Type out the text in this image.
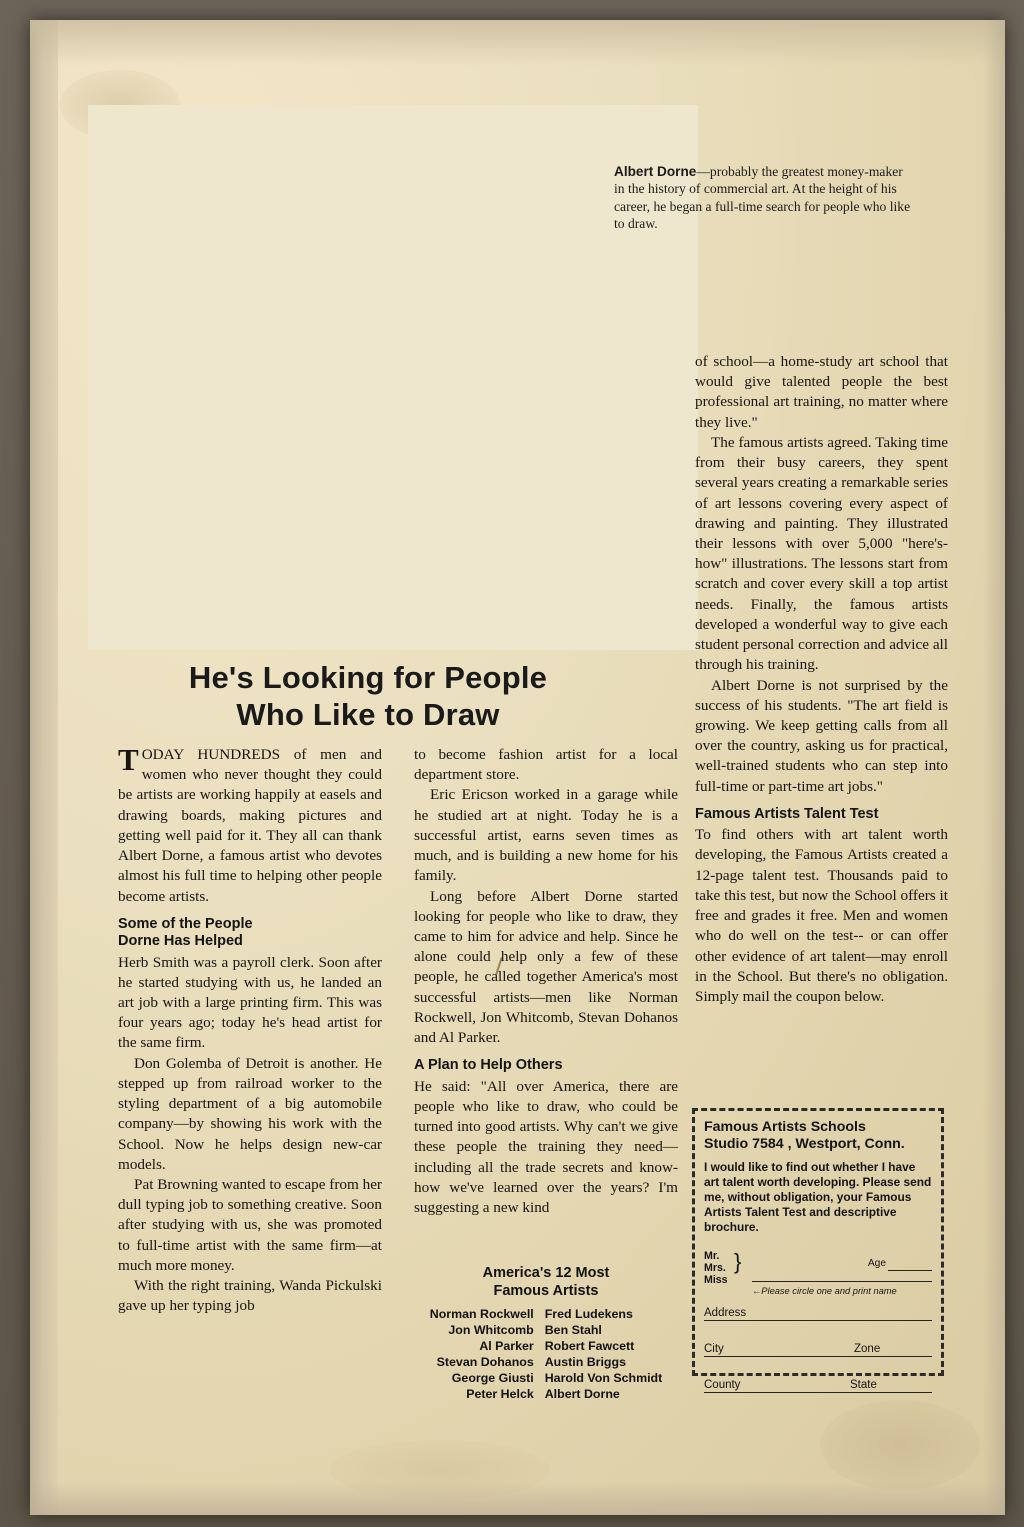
Albert Dorne—probably the greatest money-maker in the history of commercial art. At the height of his career, he began a full-time search for people who like to draw.
He's Looking for People
Who Like to Draw

TODAY HUNDREDS of men and women who never thought they could be artists are working happily at easels and drawing boards, making pictures and getting well paid for it. They all can thank Albert Dorne, a famous artist who devotes almost his full time to helping other people become artists.

Some of the People
Dorne Has Helped

Herb Smith was a payroll clerk. Soon after he started studying with us, he landed an art job with a large printing firm. This was four years ago; today he's head artist for the same firm.

Don Golemba of Detroit is another. He stepped up from railroad worker to the styling department of a big automobile company—by showing his work with the School. Now he helps design new-car models.

Pat Browning wanted to escape from her dull typing job to something creative. Soon after studying with us, she was promoted to full-time artist with the same firm—at much more money.

With the right training, Wanda Pickulski gave up her typing job

to become fashion artist for a local department store.

Eric Ericson worked in a garage while he studied art at night. Today he is a successful artist, earns seven times as much, and is building a new home for his family.

Long before Albert Dorne started looking for people who like to draw, they came to him for advice and help. Since he alone could help only a few of these people, he called together America's most successful artists—men like Norman Rockwell, Jon Whitcomb, Stevan Dohanos and Al Parker.

A Plan to Help Others

He said: "All over America, there are people who like to draw, who could be turned into good artists. Why can't we give these people the training they need—including all the trade secrets and know-how we've learned over the years? I'm suggesting a new kind

of school—a home-study art school that would give talented people the best professional art training, no matter where they live."

The famous artists agreed. Taking time from their busy careers, they spent several years creating a remarkable series of art lessons covering every aspect of drawing and painting. They illustrated their lessons with over 5,000 "here's-how" illustrations. The lessons start from scratch and cover every skill a top artist needs. Finally, the famous artists developed a wonderful way to give each student personal correction and advice all through his training.

Albert Dorne is not surprised by the success of his students. "The art field is growing. We keep getting calls from all over the country, asking us for practical, well-trained students who can step into full-time or part-time art jobs."

Famous Artists Talent Test

To find others with art talent worth developing, the Famous Artists created a 12-page talent test. Thousands paid to take this test, but now the School offers it free and grades it free. Men and women who do well on the test-- or can offer other evidence of art talent—may enroll in the School. But there's no obligation. Simply mail the coupon below.

America's 12 Most
Famous Artists
Norman Rockwell	Fred Ludekens
Jon Whitcomb	Ben Stahl
Al Parker	Robert Fawcett
Stevan Dohanos	Austin Briggs
George Giusti	Harold Von Schmidt
Peter Helck	Albert Dorne
Famous Artists Schools
Studio 7584 , Westport, Conn.
I would like to find out whether I have art talent worth developing. Please send me, without obligation, your Famous Artists Talent Test and descriptive brochure.
Mr.
Mrs.
Miss
}	Age
←Please circle one and print name
Address
City	Zone
County	State
